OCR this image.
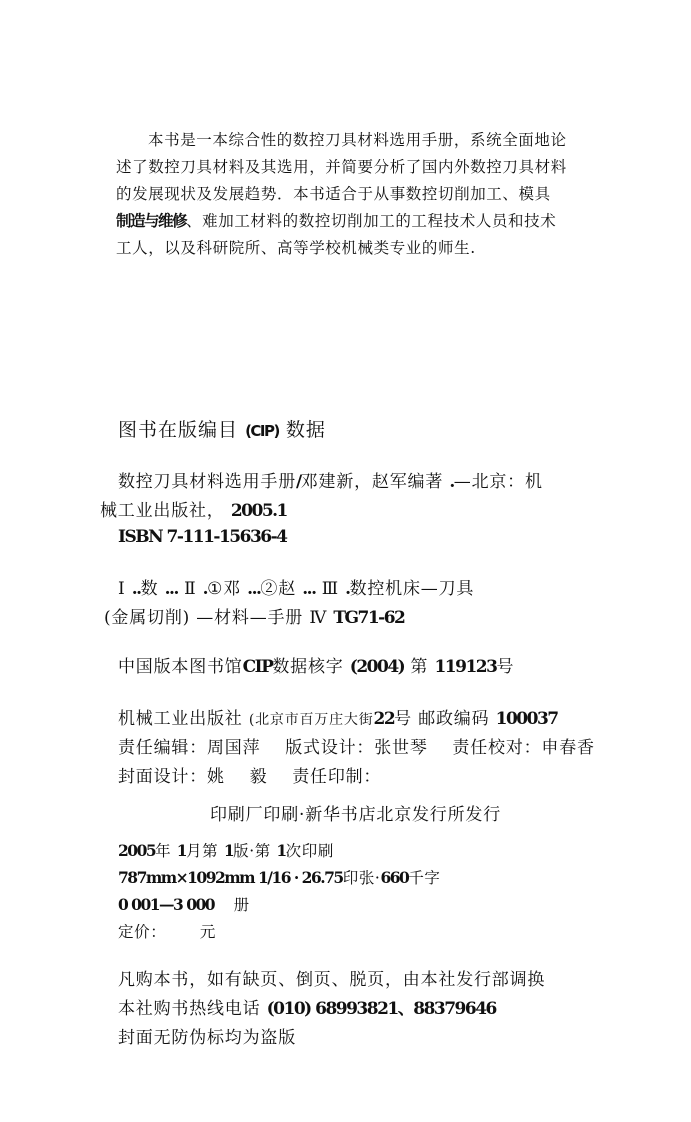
本书是一本综合性的数控刀具材料选用手册，系统全面地论
述了数控刀具材料及其选用，并简要分析了国内外数控刀具材料
的发展现状及发展趋势．本书适合于从事数控切削加工、模具
制造与维修、难加工材料的数控切削加工的工程技术人员和技术
工人，以及科研院所、高等学校机械类专业的师生.
图书在版编目 (CIP) 数据
数控刀具材料选用手册/邓建新，赵军编著 .—北京：机
械工业出版社， 2005.1
ISBN 7-111-15636-4
Ⅰ ..数 ... Ⅱ .①邓 ...②赵 ... Ⅲ .数控机床—刀具
(金属切削) —材料—手册 Ⅳ TG71-62
中国版本图书馆CIP数据核字 (2004) 第 119123号
机械工业出版社 (北京市百万庄大街22号 邮政编码 100037
责任编辑：周国萍    版式设计：张世琴    责任校对：申春香
封面设计：姚    毅    责任印制：
印刷厂印刷·新华书店北京发行所发行
2005年 1月第 1版·第 1次印刷
787mm×1092mm 1/16 · 26.75印张·660千字
0 001—3 000 册
定价： 元
凡购本书，如有缺页、倒页、脱页，由本社发行部调换
本社购书热线电话 (010) 68993821、88379646
封面无防伪标均为盗版
